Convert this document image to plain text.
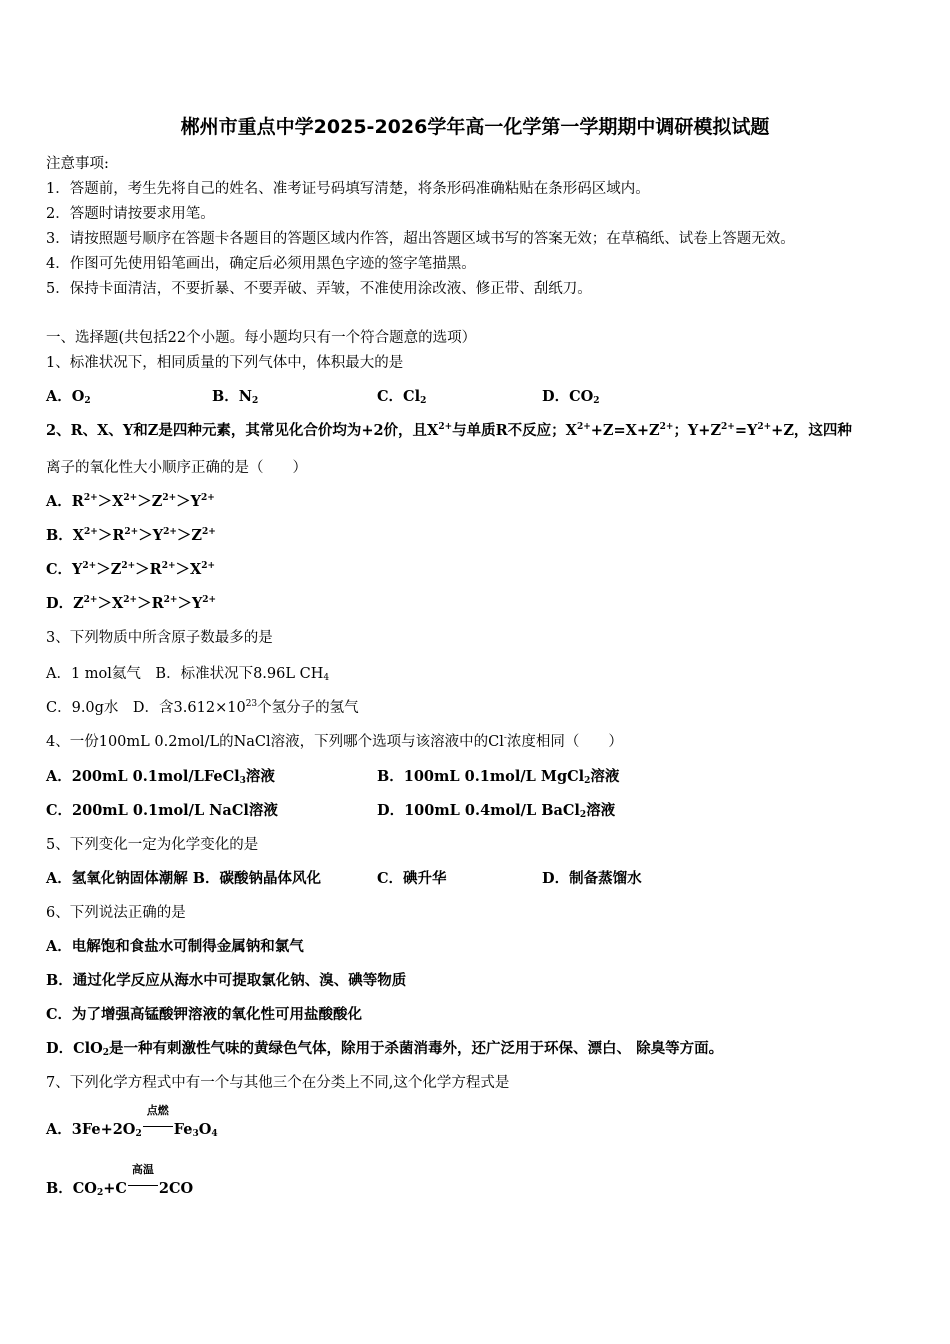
郴州市重点中学2025-2026学年高一化学第一学期期中调研模拟试题
注意事项:
1．答题前，考生先将自己的姓名、准考证号码填写清楚，将条形码准确粘贴在条形码区域内。
2．答题时请按要求用笔。
3．请按照题号顺序在答题卡各题目的答题区域内作答，超出答题区域书写的答案无效；在草稿纸、试卷上答题无效。
4．作图可先使用铅笔画出，确定后必须用黑色字迹的签字笔描黑。
5．保持卡面清洁，不要折暴、不要弄破、弄皱，不准使用涂改液、修正带、刮纸刀。
一、选择题(共包括22个小题。每小题均只有一个符合题意的选项）
1、标准状况下，相同质量的下列气体中，体积最大的是
A．$O_2$	B．$N_2$	C．$Cl_2$	D．$CO_2$
2、R、X、Y和Z是四种元素，其常见化合价均为+2价，且$X^{2+}$与单质R不反应；$X^{2+}+Z=X+Z^{2+}$；$Y+Z^{2+}=Y^{2+}+Z$，这四种
离子的氧化性大小顺序正确的是（　　）
A．$R^{2+}>X^{2+}>Z^{2+}>Y^{2+}$
B．$X^{2+}>R^{2+}>Y^{2+}>Z^{2+}$
C．$Y^{2+}>Z^{2+}>R^{2+}>X^{2+}$
D．$Z^{2+}>X^{2+}>R^{2+}>Y^{2+}$
3、下列物质中所含原子数最多的是
A．1 mol氦气　B．标准状况下8.96L $CH_4$
C．9.0g水　D．含$3.612\times 10^{23}$个氢分子的氢气
4、一份100mL 0.2mol/L的NaCl溶液，下列哪个选项与该溶液中的Cl-浓度相同（　　）
A．200mL 0.1mol/LFeCl$_3$溶液	B．100mL 0.1mol/L MgCl$_2$溶液
C．200mL 0.1mol/L NaCl溶液	D．100mL 0.4mol/L BaCl$_2$溶液
5、下列变化一定为化学变化的是
A．氢氧化钠固体潮解 B．碳酸钠晶体风化	C．碘升华	D．制备蒸馏水
6、下列说法正确的是
A．电解饱和食盐水可制得金属钠和氯气
B．通过化学反应从海水中可提取氯化钠、溴、碘等物质
C．为了增强高锰酸钾溶液的氧化性可用盐酸酸化
D．ClO$_2$是一种有刺激性气味的黄绿色气体，除用于杀菌消毒外，还广泛用于环保、漂白、 除臭等方面。
7、下列化学方程式中有一个与其他三个在分类上不同,这个化学方程式是
A．$3Fe+2O_2$
点燃
$Fe_3O_4$
B．$CO_2+C$
高温
2CO
